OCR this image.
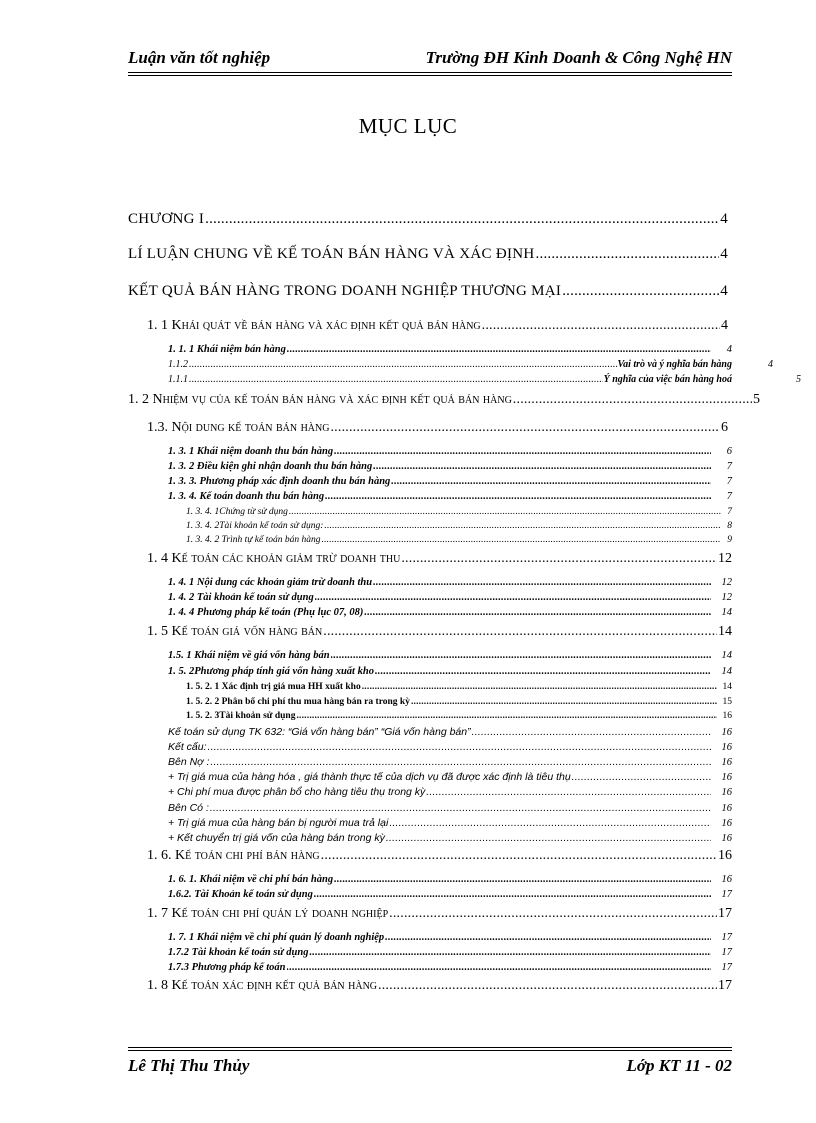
Luận văn tốt nghiệp	Trường ĐH Kinh Doanh & Công Nghệ HN
MỤC LỤC
CHƯƠNG I .....	4
LÍ LUẬN CHUNG VỀ KẾ TOÁN BÁN HÀNG VÀ XÁC ĐỊNH .....	4
KẾT QUẢ BÁN HÀNG TRONG DOANH NGHIỆP THƯƠNG MẠI .....	4
1. 1 Khái quát về bán hàng và xác định kết quả bán hàng .....	4
1. 1. 1 Khái niệm bán hàng .....	4
1.1.2 .....	Vai trò và ý nghĩa bán hàng	4
1.1.1 .....	Ý nghĩa của việc bán hàng hoá	5
1. 2 Nhiệm vụ của kế toán bán hàng và xác định kết quả bán hàng .....	5
1.3. Nội dung kế toán bán hàng .....	6
1. 3. 1 Khái niệm doanh thu bán hàng .....	6
1. 3. 2 Điều kiện ghi nhận doanh thu bán hàng .....	7
1. 3. 3. Phương pháp xác định doanh thu bán hàng .....	7
1. 3. 4. Kế toán doanh thu bán hàng .....	7
1. 3. 4. 1Chứng từ sử dụng .....	7
1. 3. 4. 2Tài khoản kế toán sử dụng: .....	8
1. 3. 4. 2 Trình tự kế toán bán hàng .....	9
1. 4 Kế toán các khoản giảm trừ doanh thu .....	12
1. 4. 1 Nội dung các khoản giảm trừ doanh thu .....	12
1. 4. 2 Tài khoản kế toán sử dụng .....	12
1. 4. 4 Phương pháp kế toán (Phụ lục 07, 08) .....	14
1. 5 Kế toán giá vốn hàng bán .....	14
1.5. 1 Khái niệm về giá vốn hàng bán .....	14
1. 5. 2Phương pháp tính giá vốn hàng xuất kho .....	14
1. 5. 2. 1 Xác định trị giá mua HH xuất kho .....	14
1. 5. 2. 2 Phân bổ chi phí thu mua hàng bán ra trong kỳ .....	15
1. 5. 2. 3Tài khoản sử dụng .....	16
Kế toán sử dụng TK 632: “Giá vốn hàng bán” “Giá vốn hàng bán” .....	16
Kết cấu: .....	16
Bên Nợ : .....	16
+ Trị giá mua của hàng hóa , giá thành thực tế của dịch vụ đã được xác định là tiêu thụ .....	16
+ Chi phí mua được phân bổ cho hàng tiêu thụ trong kỳ .....	16
Bên Có : .....	16
+ Trị giá mua của hàng bán bị người mua trả lại .....	16
+ Kết chuyển trị giá vốn của hàng bán trong kỳ .....	16
1. 6. Kế toán chi phí bán hàng .....	16
1. 6. 1. Khái niệm về chi phí bán hàng .....	16
1.6.2. Tài Khoản kế toán sử dụng .....	17
1. 7 Kế toán chi phí quản lý doanh nghiệp .....	17
1. 7. 1 Khái niệm về chi phí quản lý doanh nghiệp .....	17
1.7.2 Tài khoản kế toán sử dụng .....	17
1.7.3 Phương pháp kế toán .....	17
1. 8 Kế toán xác định kết quả bán hàng .....	17
Lê Thị Thu Thủy	Lớp KT 11 - 02
